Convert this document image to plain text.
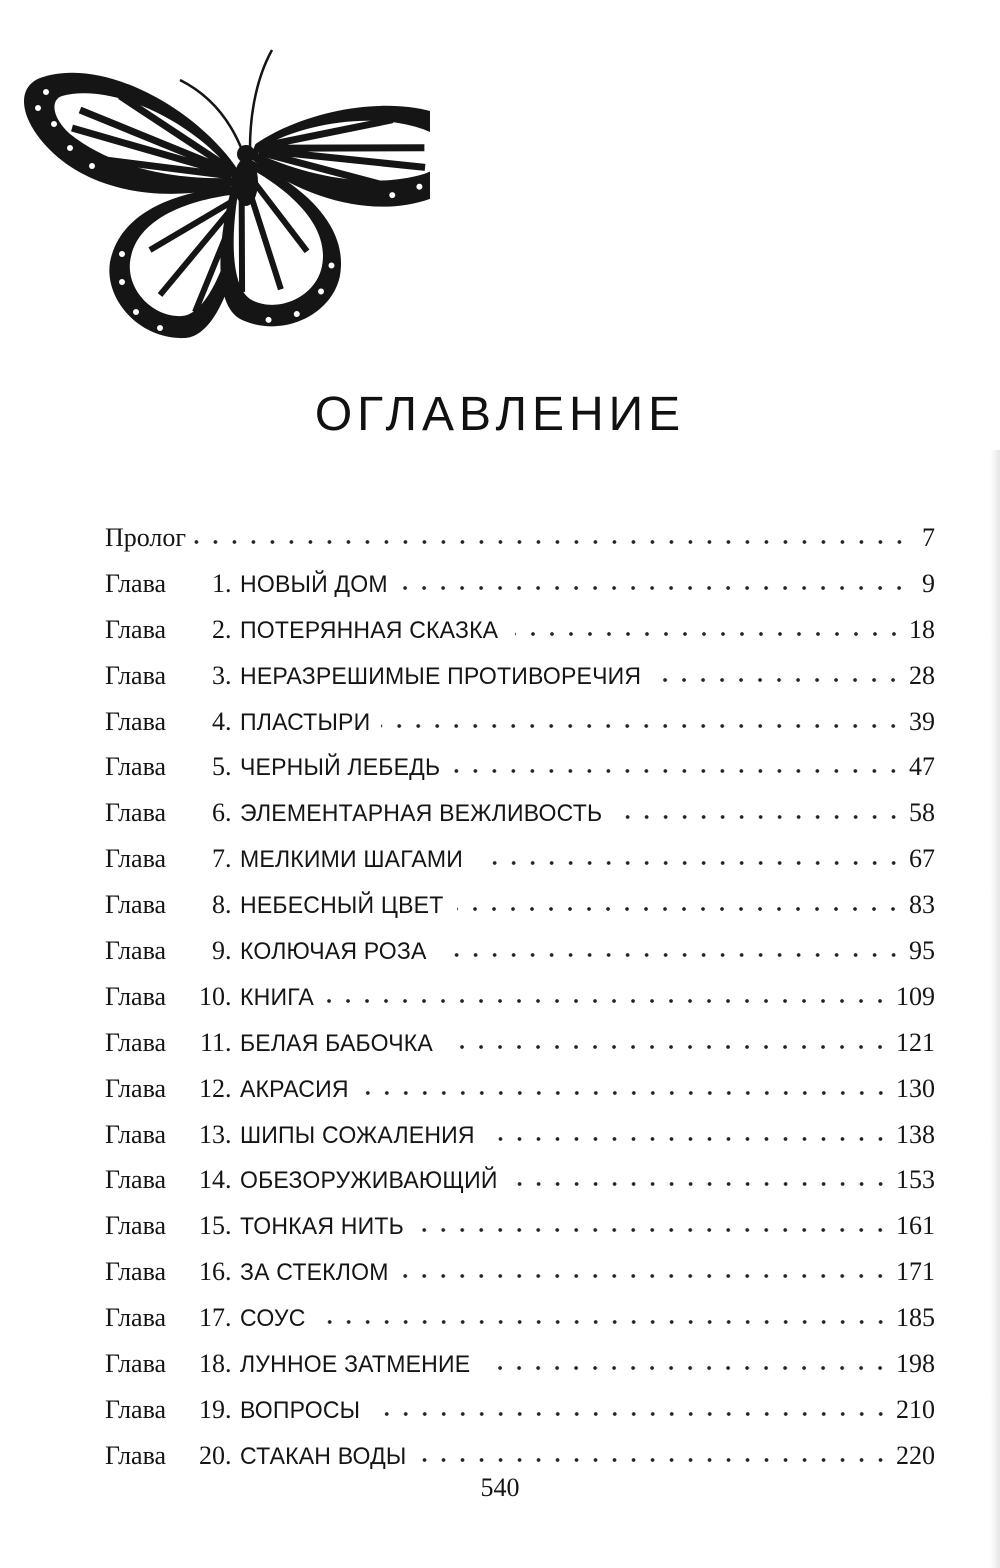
ОГЛАВЛЕНИЕ
Пролог	7
Глава	1 . НОВЫЙ ДОМ	9
Глава	2 . ПОТЕРЯННАЯ СКАЗКА	18
Глава	3 . НЕРАЗРЕШИМЫЕ ПРОТИВОРЕЧИЯ	28
Глава	4 . ПЛАСТЫРИ	39
Глава	5 . ЧЕРНЫЙ ЛЕБЕДЬ	47
Глава	6 . ЭЛЕМЕНТАРНАЯ ВЕЖЛИВОСТЬ	58
Глава	7 . МЕЛКИМИ ШАГАМИ	67
Глава	8 . НЕБЕСНЫЙ ЦВЕТ	83
Глава	9 . КОЛЮЧАЯ РОЗА	95
Глава	10 . КНИГА	109
Глава	11 . БЕЛАЯ БАБОЧКА	121
Глава	12 . АКРАСИЯ	130
Глава	13 . ШИПЫ СОЖАЛЕНИЯ	138
Глава	14 . ОБЕЗОРУЖИВАЮЩИЙ	153
Глава	15 . ТОНКАЯ НИТЬ	161
Глава	16 . ЗА СТЕКЛОМ	171
Глава	17 . СОУС	185
Глава	18 . ЛУННОЕ ЗАТМЕНИЕ	198
Глава	19 . ВОПРОСЫ	210
Глава	20 . СТАКАН ВОДЫ	220
540
